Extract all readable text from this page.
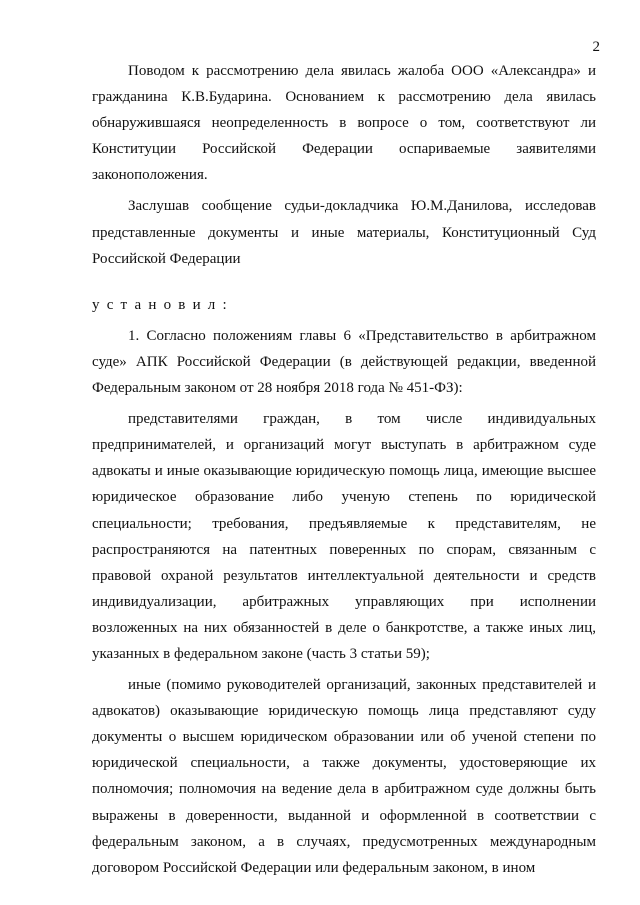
2

Поводом к рассмотрению дела явилась жалоба ООО «Александра» и гражданина К.В.Бударина. Основанием к рассмотрению дела явилась обнаружившаяся неопределенность в вопросе о том, соответствуют ли Конституции Российской Федерации оспариваемые заявителями законоположения.

Заслушав сообщение судьи-докладчика Ю.М.Данилова, исследовав представленные документы и иные материалы, Конституционный Суд Российской Федерации

установил:

1. Согласно положениям главы 6 «Представительство в арбитражном суде» АПК Российской Федерации (в действующей редакции, введенной Федеральным законом от 28 ноября 2018 года № 451-ФЗ):

представителями граждан, в том числе индивидуальных предпринимателей, и организаций могут выступать в арбитражном суде адвокаты и иные оказывающие юридическую помощь лица, имеющие высшее юридическое образование либо ученую степень по юридической специальности; требования, предъявляемые к представителям, не распространяются на патентных поверенных по спорам, связанным с правовой охраной результатов интеллектуальной деятельности и средств индивидуализации, арбитражных управляющих при исполнении возложенных на них обязанностей в деле о банкротстве, а также иных лиц, указанных в федеральном законе (часть 3 статьи 59);

иные (помимо руководителей организаций, законных представителей и адвокатов) оказывающие юридическую помощь лица представляют суду документы о высшем юридическом образовании или об ученой степени по юридической специальности, а также документы, удостоверяющие их полномочия; полномочия на ведение дела в арбитражном суде должны быть выражены в доверенности, выданной и оформленной в соответствии с федеральным законом, а в случаях, предусмотренных международным договором Российской Федерации или федеральным законом, в ином
